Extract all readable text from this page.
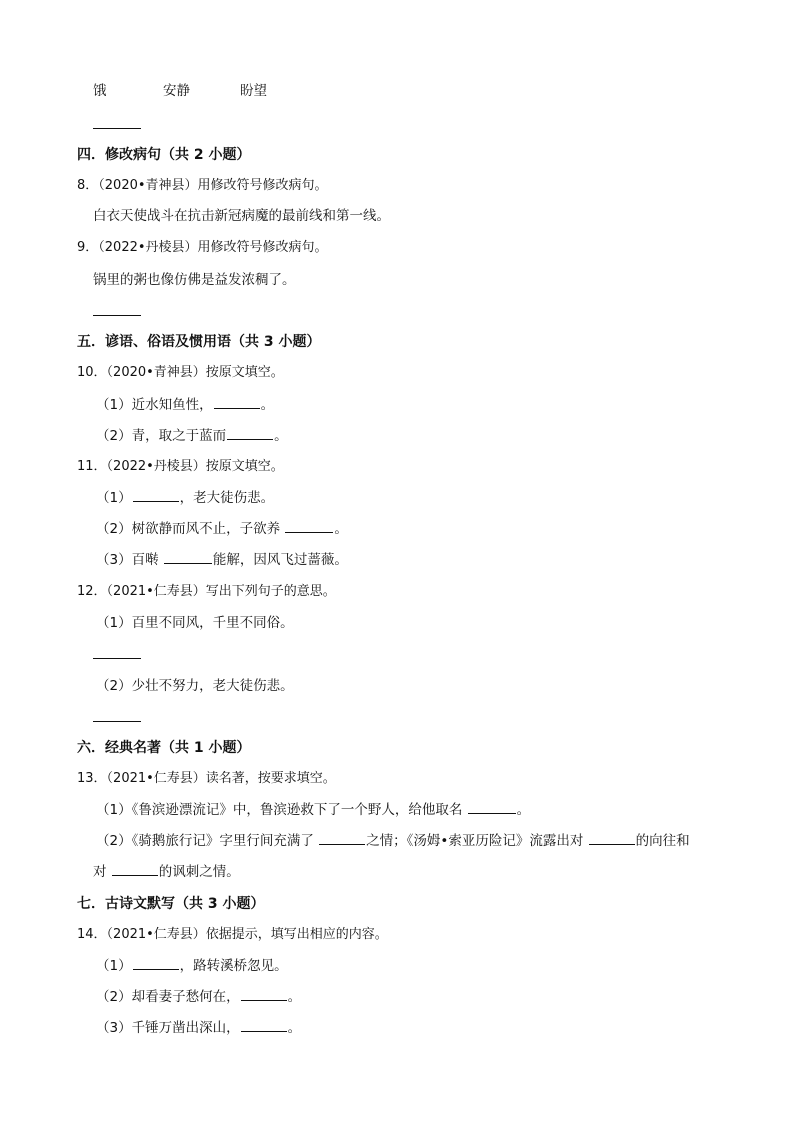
饿	安静	盼望
四．修改病句（共 2 小题）
8．（2020•青神县）用修改符号修改病句。
白衣天使战斗在抗击新冠病魔的最前线和第一线。
9．（2022•丹棱县）用修改符号修改病句。
锅里的粥也像仿佛是益发浓稠了。
五．谚语、俗语及惯用语（共 3 小题）
10．（2020•青神县）按原文填空。
（1）近水知鱼性，	。
（2）青，取之于蓝而	。
11．（2022•丹棱县）按原文填空。
（1）	，老大徒伤悲。
（2）树欲静而风不止，子欲养	。
（3）百啭	能解，因风飞过蔷薇。
12．（2021•仁寿县）写出下列句子的意思。
（1）百里不同风，千里不同俗。
（2）少壮不努力，老大徒伤悲。
六．经典名著（共 1 小题）
13．（2021•仁寿县）读名著，按要求填空。
（1）《鲁滨逊漂流记》中，鲁滨逊救下了一个野人，给他取名	。
（2）《骑鹅旅行记》字里行间充满了	之情；《汤姆•索亚历险记》流露出对	的向往和
对	的讽刺之情。
七．古诗文默写（共 3 小题）
14．（2021•仁寿县）依据提示，填写出相应的内容。
（1）	，路转溪桥忽见。
（2）却看妻子愁何在，	。
（3）千锤万凿出深山，	。
